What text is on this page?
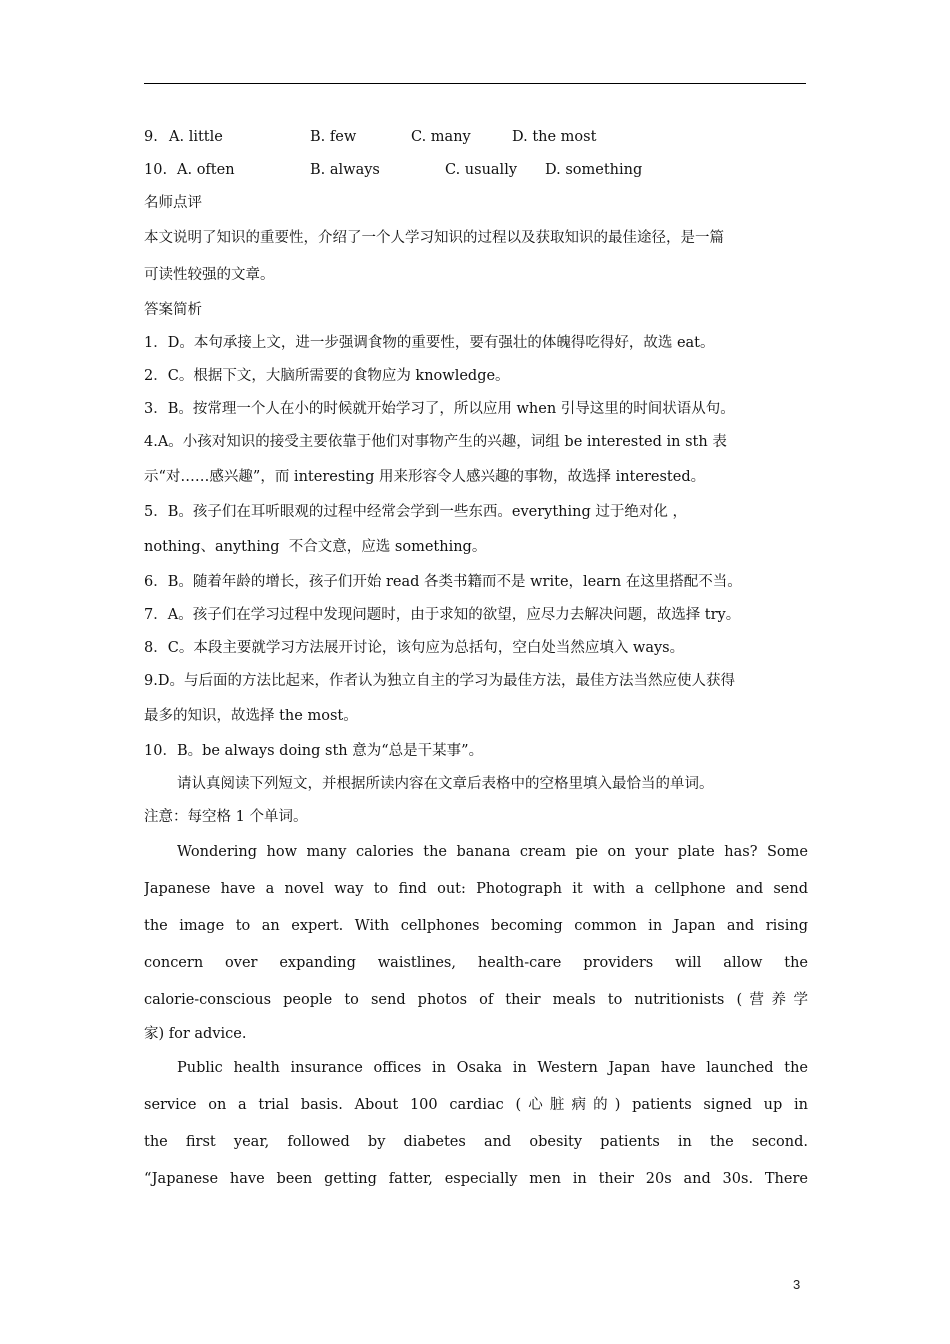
9. A. little	B. few	C. many	D. the most
10. A. often	B. always	C. usually D. something
名师点评
本文说明了知识的重要性，介绍了一个人学习知识的过程以及获取知识的最佳途径，是一篇
可读性较强的文章。
答案简析
1．D。本句承接上文，进一步强调食物的重要性，要有强壮的体魄得吃得好，故选 eat。
2．C。根据下文，大脑所需要的食物应为 knowledge。
3．B。按常理一个人在小的时候就开始学习了，所以应用 when 引导这里的时间状语从句。
4.A。小孩对知识的接受主要依靠于他们对事物产生的兴趣，词组 be interested in sth 表
示“对……感兴趣”，而 interesting 用来形容令人感兴趣的事物，故选择 interested。
5．B。孩子们在耳听眼观的过程中经常会学到一些东西。everything 过于绝对化 ，
nothing、anything  不合文意，应选 something。
6．B。随着年龄的增长，孩子们开始 read 各类书籍而不是 write，learn 在这里搭配不当。
7．A。孩子们在学习过程中发现问题时，由于求知的欲望，应尽力去解决问题，故选择 try。
8．C。本段主要就学习方法展开讨论，该句应为总括句，空白处当然应填入 ways。
9.D。与后面的方法比起来，作者认为独立自主的学习为最佳方法，最佳方法当然应使人获得
最多的知识，故选择 the most。
10．B。be always doing sth 意为“总是干某事”。
请认真阅读下列短文，并根据所读内容在文章后表格中的空格里填入最恰当的单词。
注意：每空格 1 个单词。
Wondering how many calories the banana cream pie on your plate has? Some
Japanese have a novel way to find out: Photograph it with a cellphone and send
the image to an expert. With cellphones becoming common in Japan and rising
concern over expanding waistlines, health-care providers will allow the
calorie-conscious people to send photos of their meals to nutritionists (营养学
家) for advice.
Public health insurance offices in Osaka in Western Japan have launched the
service on a trial basis. About 100 cardiac (心脏病的) patients signed up in
the first year, followed by diabetes and obesity patients in the second.
“Japanese have been getting fatter, especially men in their 20s and 30s. There
3
